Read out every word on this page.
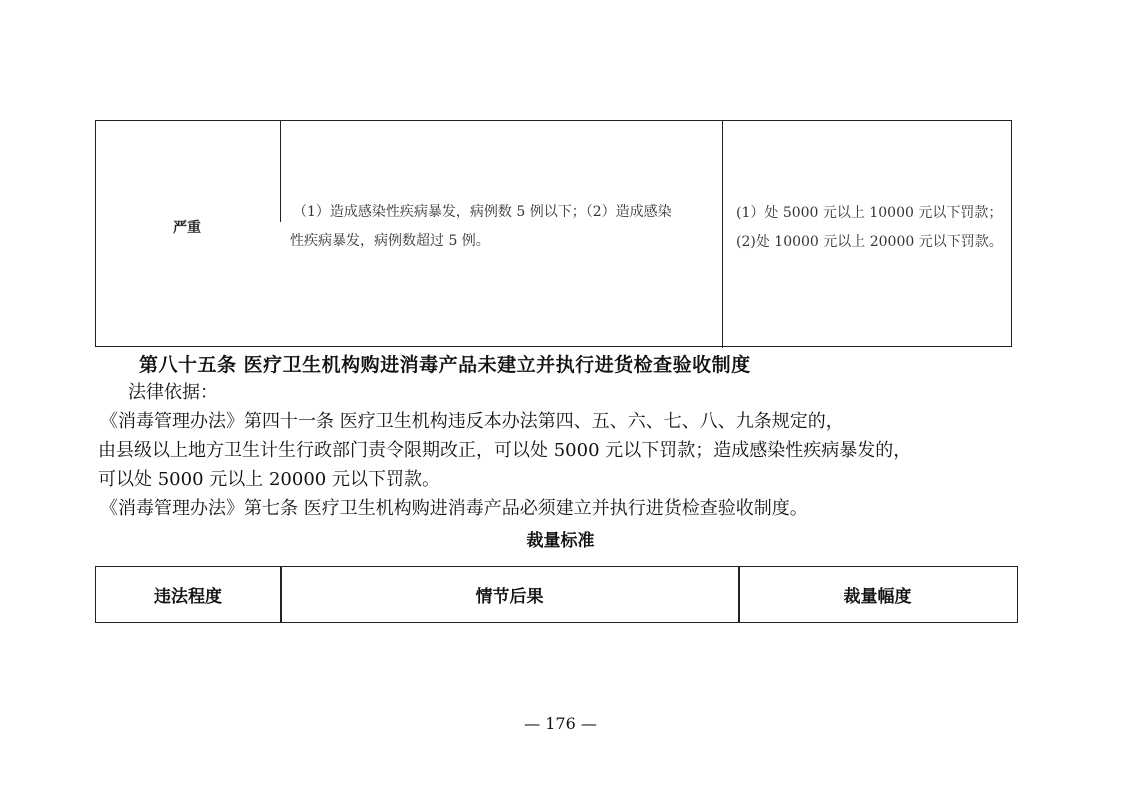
严重
（1）造成感染性疾病暴发，病例数 5 例以下；（2）造成感染
性疾病暴发，病例数超过 5 例。
(1）处 5000 元以上 10000 元以下罚款；
(2)处 10000 元以上 20000 元以下罚款。
第八十五条 医疗卫生机构购进消毒产品未建立并执行进货检查验收制度
法律依据：
《消毒管理办法》第四十一条 医疗卫生机构违反本办法第四、五、六、七、八、九条规定的，
由县级以上地方卫生计生行政部门责令限期改正，可以处 5000 元以下罚款；造成感染性疾病暴发的，
可以处 5000 元以上 20000 元以下罚款。
《消毒管理办法》第七条 医疗卫生机构购进消毒产品必须建立并执行进货检查验收制度。
裁量标准
违法程度	情节后果	裁量幅度
— 176 —
